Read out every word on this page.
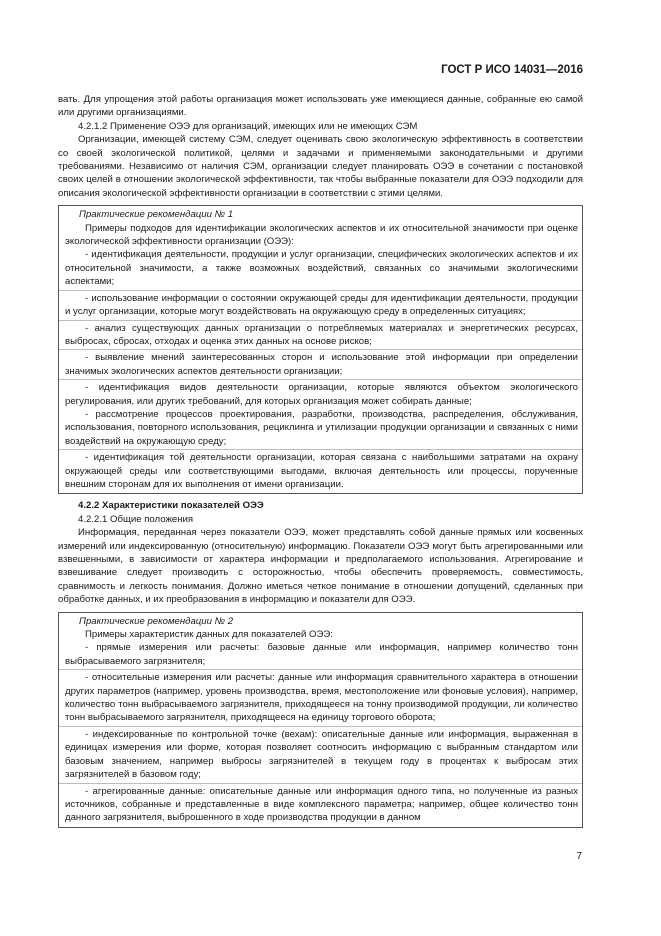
ГОСТ Р ИСО 14031—2016

вать. Для упрощения этой работы организация может использовать уже имеющиеся данные, собранные ею самой или другими организациями.

4.2.1.2 Применение ОЭЭ для организаций, имеющих или не имеющих СЭМ

Организации, имеющей систему СЭМ, следует оценивать свою экологическую эффективность в соответствии со своей экологической политикой, целями и задачами и применяемыми законодательными и другими требованиями. Независимо от наличия СЭМ, организации следует планировать ОЭЭ в сочетании с постановкой своих целей в отношении экологической эффективности, так чтобы выбранные показатели для ОЭЭ подходили для описания экологической эффективности организации в соответствии с этими целями.

Практические рекомендации № 1

Примеры подходов для идентификации экологических аспектов и их относительной значимости при оценке экологической эффективности организации (ОЭЭ):

- идентификация деятельности, продукции и услуг организации, специфических экологических аспектов и их относительной значимости, а также возможных воздействий, связанных со значимыми экологическими аспектами;

- использование информации о состоянии окружающей среды для идентификации деятельности, продукции и услуг организации, которые могут воздействовать на окружающую среду в определенных ситуациях;

- анализ существующих данных организации о потребляемых материалах и энергетических ресурсах, выбросах, сбросах, отходах и оценка этих данных на основе рисков;

- выявление мнений заинтересованных сторон и использование этой информации при определении значимых экологических аспектов деятельности организации;

- идентификация видов деятельности организации, которые являются объектом экологического регулирования, или других требований, для которых организация может собирать данные;

- рассмотрение процессов проектирования, разработки, производства, распределения, обслуживания, использования, повторного использования, рециклинга и утилизации продукции организации и связанных с ними воздействий на окружающую среду;

- идентификация той деятельности организации, которая связана с наибольшими затратами на охрану окружающей среды или соответствующими выгодами, включая деятельность или процессы, порученные внешним сторонам для их выполнения от имени организации.

4.2.2 Характеристики показателей ОЭЭ

4.2.2.1 Общие положения

Информация, переданная через показатели ОЭЭ, может представлять собой данные прямых или косвенных измерений или индексированную (относительную) информацию. Показатели ОЭЭ могут быть агрегированными или взвешенными, в зависимости от характера информации и предполагаемого использования. Агрегирование и взвешивание следует производить с осторожностью, чтобы обеспечить проверяемость, совместимость, сравнимость и легкость понимания. Должно иметься четкое понимание в отношении допущений, сделанных при обработке данных, и их преобразования в информацию и показатели для ОЭЭ.

Практические рекомендации № 2

Примеры характеристик данных для показателей ОЭЭ:

- прямые измерения или расчеты: базовые данные или информация, например количество тонн выбрасываемого загрязнителя;

- относительные измерения или расчеты: данные или информация сравнительного характера в отношении других параметров (например, уровень производства, время, местоположение или фоновые условия), например, количество тонн выбрасываемого загрязнителя, приходящееся на тонну производимой продукции, ли количество тонн выбрасываемого загрязнителя, приходящееся на единицу торгового оборота;

- индексированные по контрольной точке (вехам): описательные данные или информация, выраженная в единицах измерения или форме, которая позволяет соотносить информацию с выбранным стандартом или базовым значением, например выбросы загрязнителей в текущем году в процентах к выбросам этих загрязнителей в базовом году;

- агрегированные данные: описательные данные или информация одного типа, но полученные из разных источников, собранные и представленные в виде комплексного параметра; например, общее количество тонн данного загрязнителя, выброшенного в ходе производства продукции в данном

7
